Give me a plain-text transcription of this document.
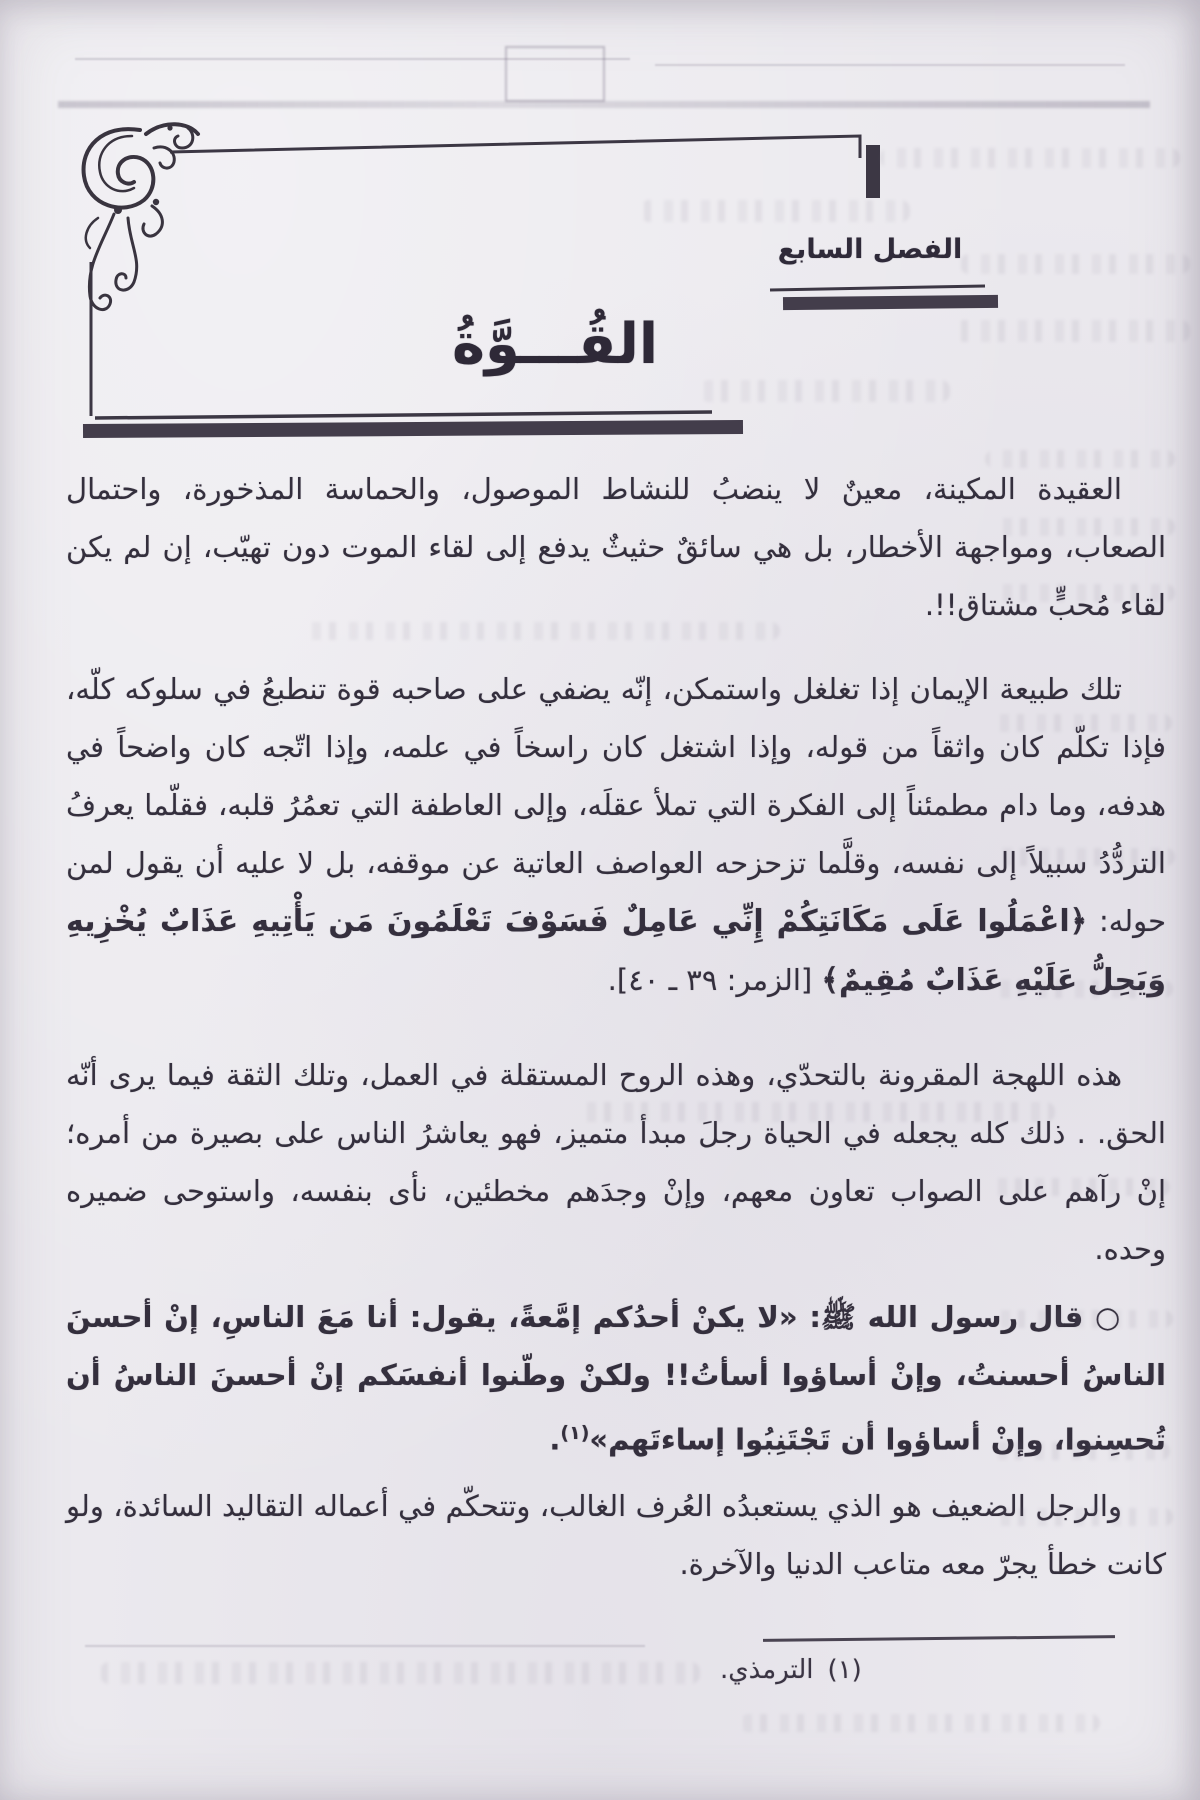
الفصل السابع
القُـــوَّةُ

العقيدة المكينة، معينٌ لا ينضبُ للنشاط الموصول، والحماسة المذخورة، واحتمال الصعاب، ومواجهة الأخطار، بل هي سائقٌ حثيثٌ يدفع إلى لقاء الموت دون تهيّب، إن لم يكن لقاء مُحبٍّ مشتاق!!.

تلك طبيعة الإيمان إذا تغلغل واستمكن، إنّه يضفي على صاحبه قوة تنطبعُ في سلوكه كلّه، فإذا تكلّم كان واثقاً من قوله، وإذا اشتغل كان راسخاً في علمه، وإذا اتّجه كان واضحاً في هدفه، وما دام مطمئناً إلى الفكرة التي تملأ عقلَه، وإلى العاطفة التي تعمُرُ قلبه، فقلّما يعرفُ التردُّدُ سبيلاً إلى نفسه، وقلَّما تزحزحه العواصف العاتية عن موقفه، بل لا عليه أن يقول لمن حوله: ﴿اعْمَلُوا عَلَى مَكَانَتِكُمْ إِنِّي عَامِلٌ فَسَوْفَ تَعْلَمُونَ مَن يَأْتِيهِ عَذَابٌ يُخْزِيهِ وَيَحِلُّ عَلَيْهِ عَذَابٌ مُقِيمٌ﴾ [الزمر: ٣٩ ـ ٤٠].

هذه اللهجة المقرونة بالتحدّي، وهذه الروح المستقلة في العمل، وتلك الثقة فيما يرى أنّه الحق. . ذلك كله يجعله في الحياة رجلَ مبدأ متميز، فهو يعاشرُ الناس على بصيرة من أمره؛ إنْ رآهم على الصواب تعاون معهم، وإنْ وجدَهم مخطئين، نأى بنفسه، واستوحى ضميره وحده.

○ قال رسول الله ﷺ: «لا يكنْ أحدُكم إمَّعةً، يقول: أنا مَعَ الناسِ، إنْ أحسنَ الناسُ أحسنتُ، وإنْ أساؤوا أسأتُ!! ولكنْ وطّنوا أنفسَكم إنْ أحسنَ الناسُ أن تُحسِنوا، وإنْ أساؤوا أن تَجْتَنِبُوا إساءتَهم»$^{(١)}$.

والرجل الضعيف هو الذي يستعبدُه العُرف الغالب، وتتحكّم في أعماله التقاليد السائدة، ولو كانت خطأ يجرّ معه متاعب الدنيا والآخرة.

(١)الترمذي.
